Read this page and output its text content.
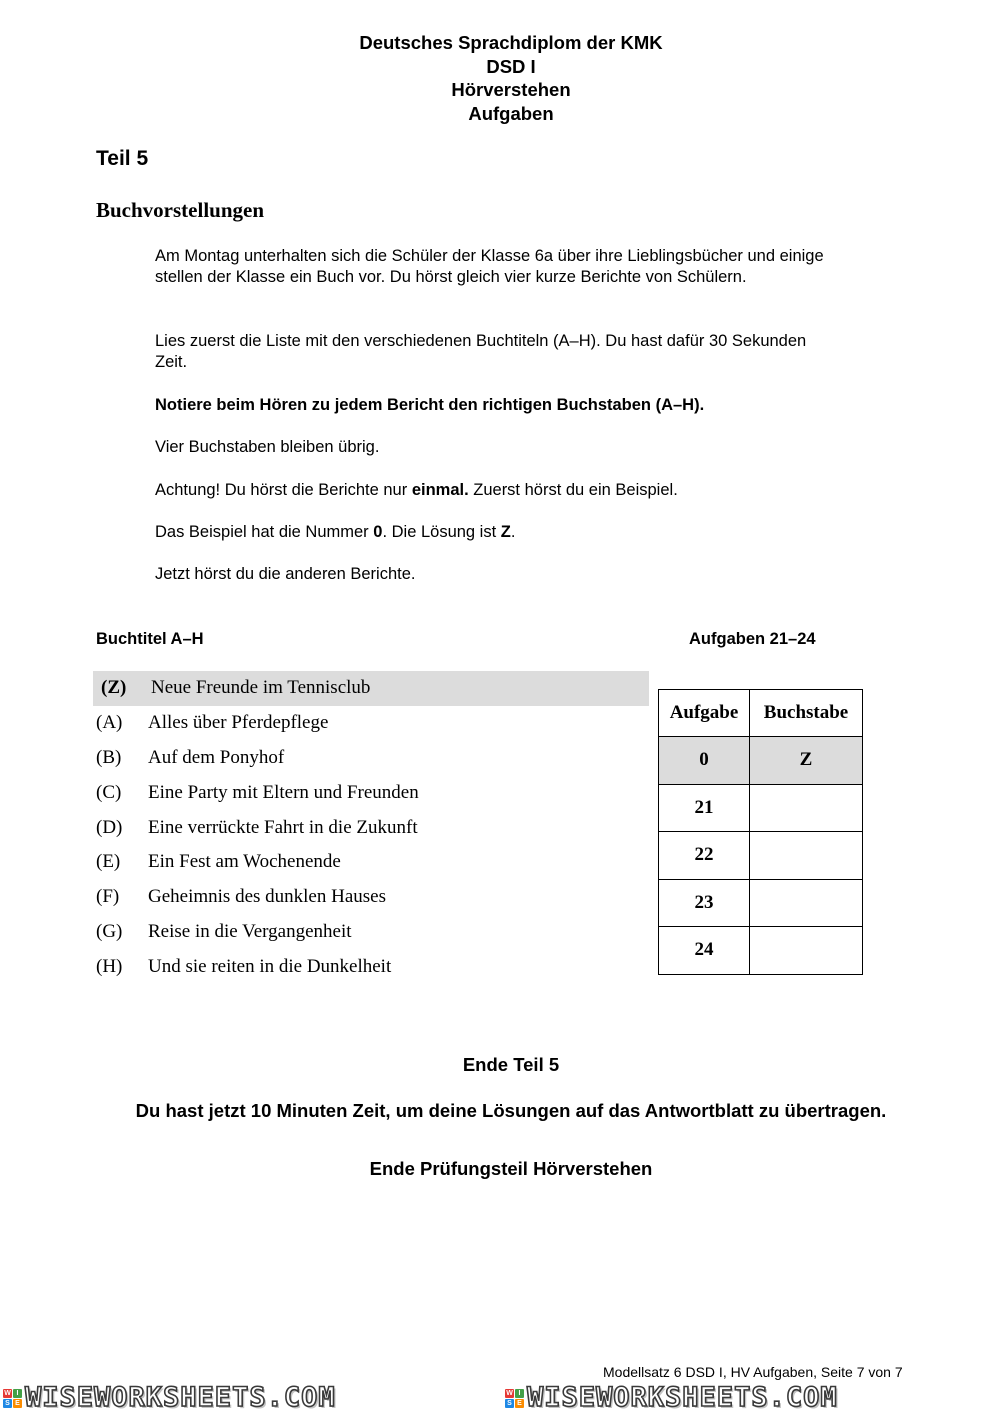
Deutsches Sprachdiplom der KMK
DSD I
Hörverstehen
Aufgaben
Teil 5
Buchvorstellungen
Am Montag unterhalten sich die Schüler der Klasse 6a über ihre Lieblingsbücher und einige stellen der Klasse ein Buch vor. Du hörst gleich vier kurze Berichte von Schülern.
Lies zuerst die Liste mit den verschiedenen Buchtiteln (A–H). Du hast dafür 30 Sekunden Zeit.
Notiere beim Hören zu jedem Bericht den richtigen Buchstaben (A–H).
Vier Buchstaben bleiben übrig.
Achtung! Du hörst die Berichte nur einmal. Zuerst hörst du ein Beispiel.
Das Beispiel hat die Nummer 0. Die Lösung ist Z.
Jetzt hörst du die anderen Berichte.
Buchtitel A–H	Aufgaben 21–24
(Z)	Neue Freunde im Tennisclub
(A)	Alles über Pferdepflege
(B)	Auf dem Ponyhof
(C)	Eine Party mit Eltern und Freunden
(D)	Eine verrückte Fahrt in die Zukunft
(E)	Ein Fest am Wochenende
(F)	Geheimnis des dunklen Hauses
(G)	Reise in die Vergangenheit
(H)	Und sie reiten in die Dunkelheit
Aufgabe	Buchstabe
0	Z
21	
22	
23	
24	
Ende Teil 5
Du hast jetzt 10 Minuten Zeit, um deine Lösungen auf das Antwortblatt zu übertragen.
Ende Prüfungsteil Hörverstehen
Modellsatz 6 DSD I, HV Aufgaben, Seite 7 von 7
W I
S E WISEWORKSHEETS.COM	W I
S E WISEWORKSHEETS.COM
